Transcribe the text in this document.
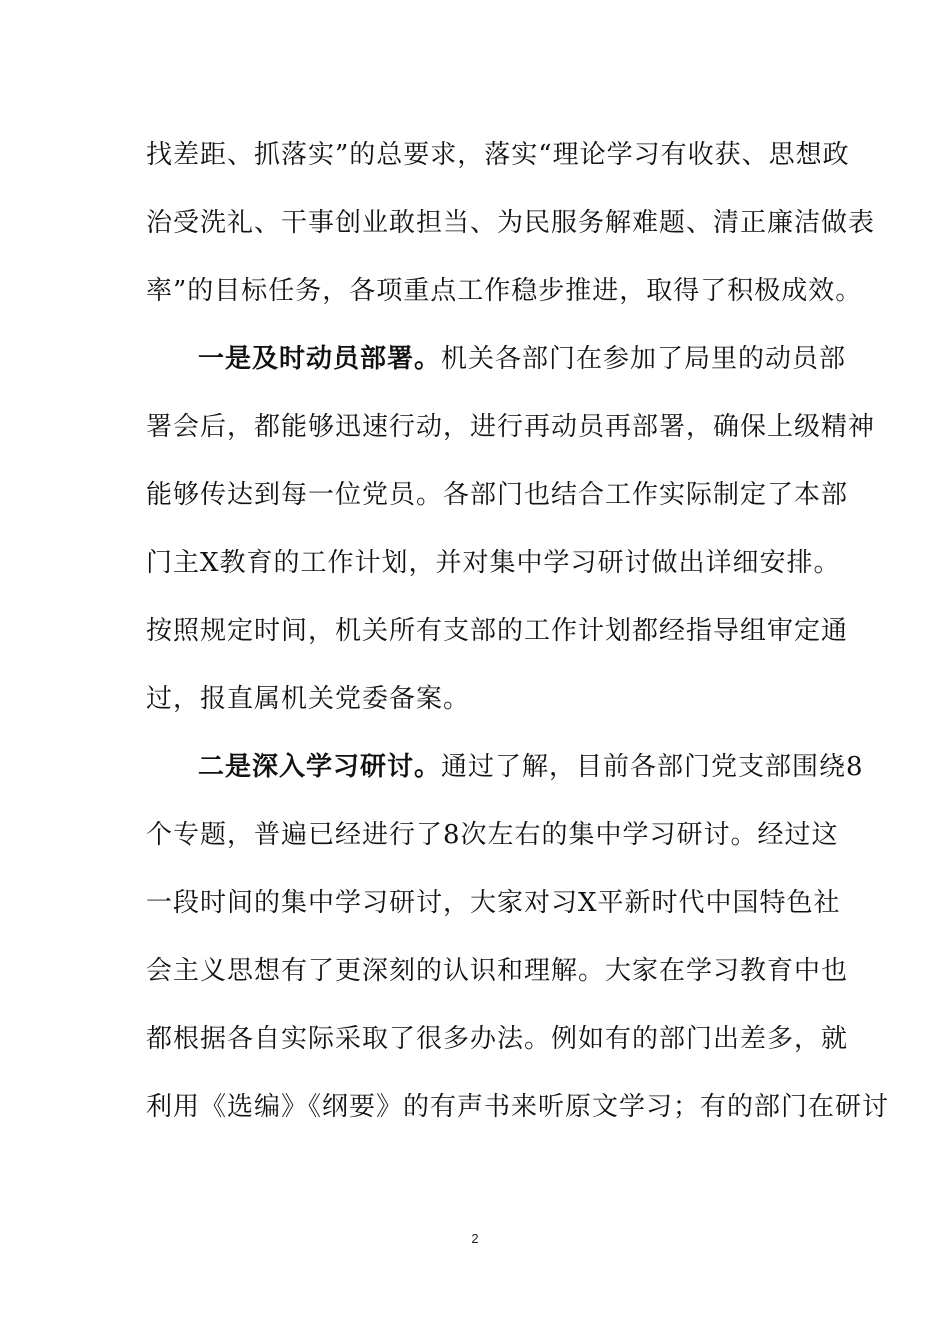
找差距、抓落实”的总要求，落实“理论学习有收获、思想政
治受洗礼、干事创业敢担当、为民服务解难题、清正廉洁做表
率”的目标任务，各项重点工作稳步推进，取得了积极成效。
一是及时动员部署。机关各部门在参加了局里的动员部
署会后，都能够迅速行动，进行再动员再部署，确保上级精神
能够传达到每一位党员。各部门也结合工作实际制定了本部
门主X教育的工作计划，并对集中学习研讨做出详细安排。
按照规定时间，机关所有支部的工作计划都经指导组审定通
过，报直属机关党委备案。
二是深入学习研讨。通过了解，目前各部门党支部围绕8
个专题，普遍已经进行了8次左右的集中学习研讨。经过这
一段时间的集中学习研讨，大家对习X平新时代中国特色社
会主义思想有了更深刻的认识和理解。大家在学习教育中也
都根据各自实际采取了很多办法。例如有的部门出差多，就
利用《选编》《纲要》的有声书来听原文学习；有的部门在研讨
2
